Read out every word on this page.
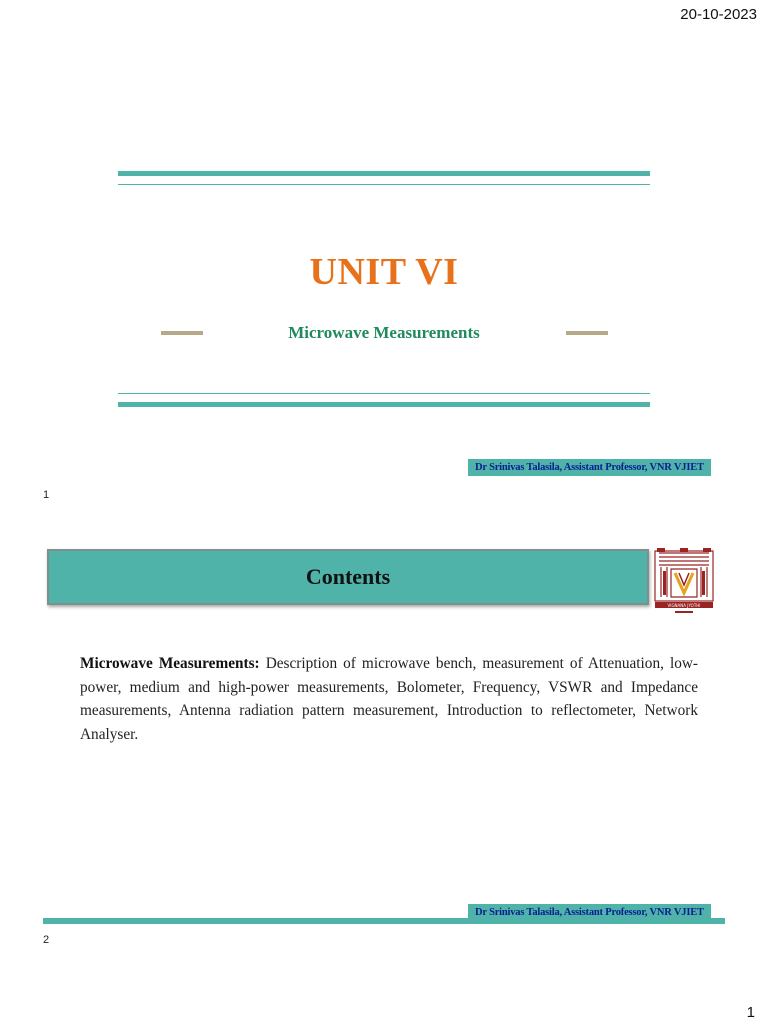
20-10-2023
UNIT VI
Microwave Measurements
Dr Srinivas Talasila, Assistant Professor, VNR VJIET
1
Contents
VIGNANA JYOTHI
Microwave Measurements: Description of microwave bench, measurement of Attenuation, low-power, medium and high-power measurements, Bolometer, Frequency, VSWR and Impedance measurements, Antenna radiation pattern measurement, Introduction to reflectometer, Network Analyser.
Dr Srinivas Talasila, Assistant Professor, VNR VJIET
2
1
